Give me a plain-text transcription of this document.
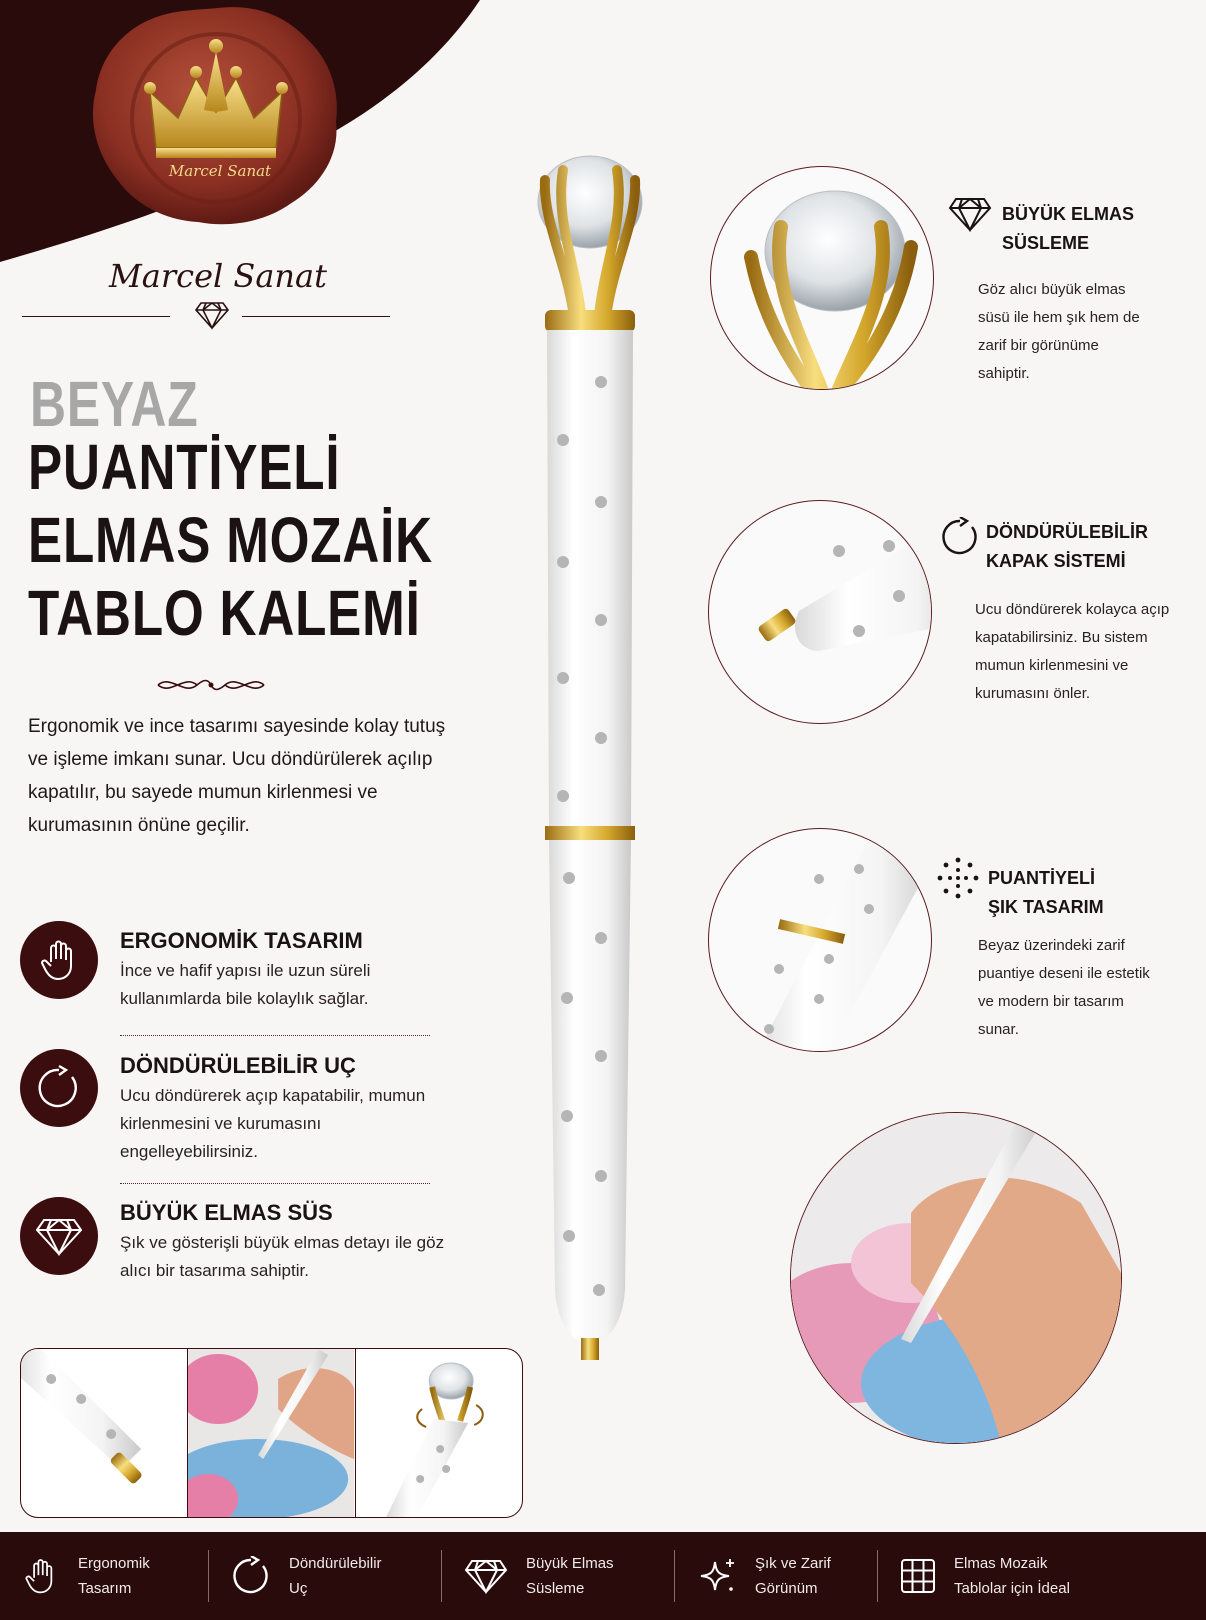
Marcel Sanat
Marcel Sanat
BEYAZ
PUANTİYELİ
ELMAS MOZAİK
TABLO KALEMİ
Ergonomik ve ince tasarımı sayesinde kolay tutuş ve işleme imkanı sunar. Ucu döndürülerek açılıp kapatılır, bu sayede mumun kirlenmesi ve kurumasının önüne geçilir.
ERGONOMİK TASARIM
İnce ve hafif yapısı ile uzun süreli kullanımlarda bile kolaylık sağlar.
DÖNDÜRÜLEBİLİR UÇ
Ucu döndürerek açıp kapatabilir, mumun kirlenmesini ve kurumasını engelleyebilirsiniz.
BÜYÜK ELMAS SÜS
Şık ve gösterişli büyük elmas detayı ile göz alıcı bir tasarıma sahiptir.
BÜYÜK ELMAS
SÜSLEME
Göz alıcı büyük elmas süsü ile hem şık hem de zarif bir görünüme sahiptir.
DÖNDÜRÜLEBİLİR
KAPAK SİSTEMİ
Ucu döndürerek kolayca açıp kapatabilirsiniz. Bu sistem mumun kirlenmesini ve kurumasını önler.
PUANTİYELİ
ŞIK TASARIM
Beyaz üzerindeki zarif puantiye deseni ile estetik ve modern bir tasarım sunar.
Ergonomik
Tasarım
Döndürülebilir
Uç
Büyük Elmas
Süsleme
Şık ve Zarif
Görünüm
Elmas Mozaik
Tablolar için İdeal
